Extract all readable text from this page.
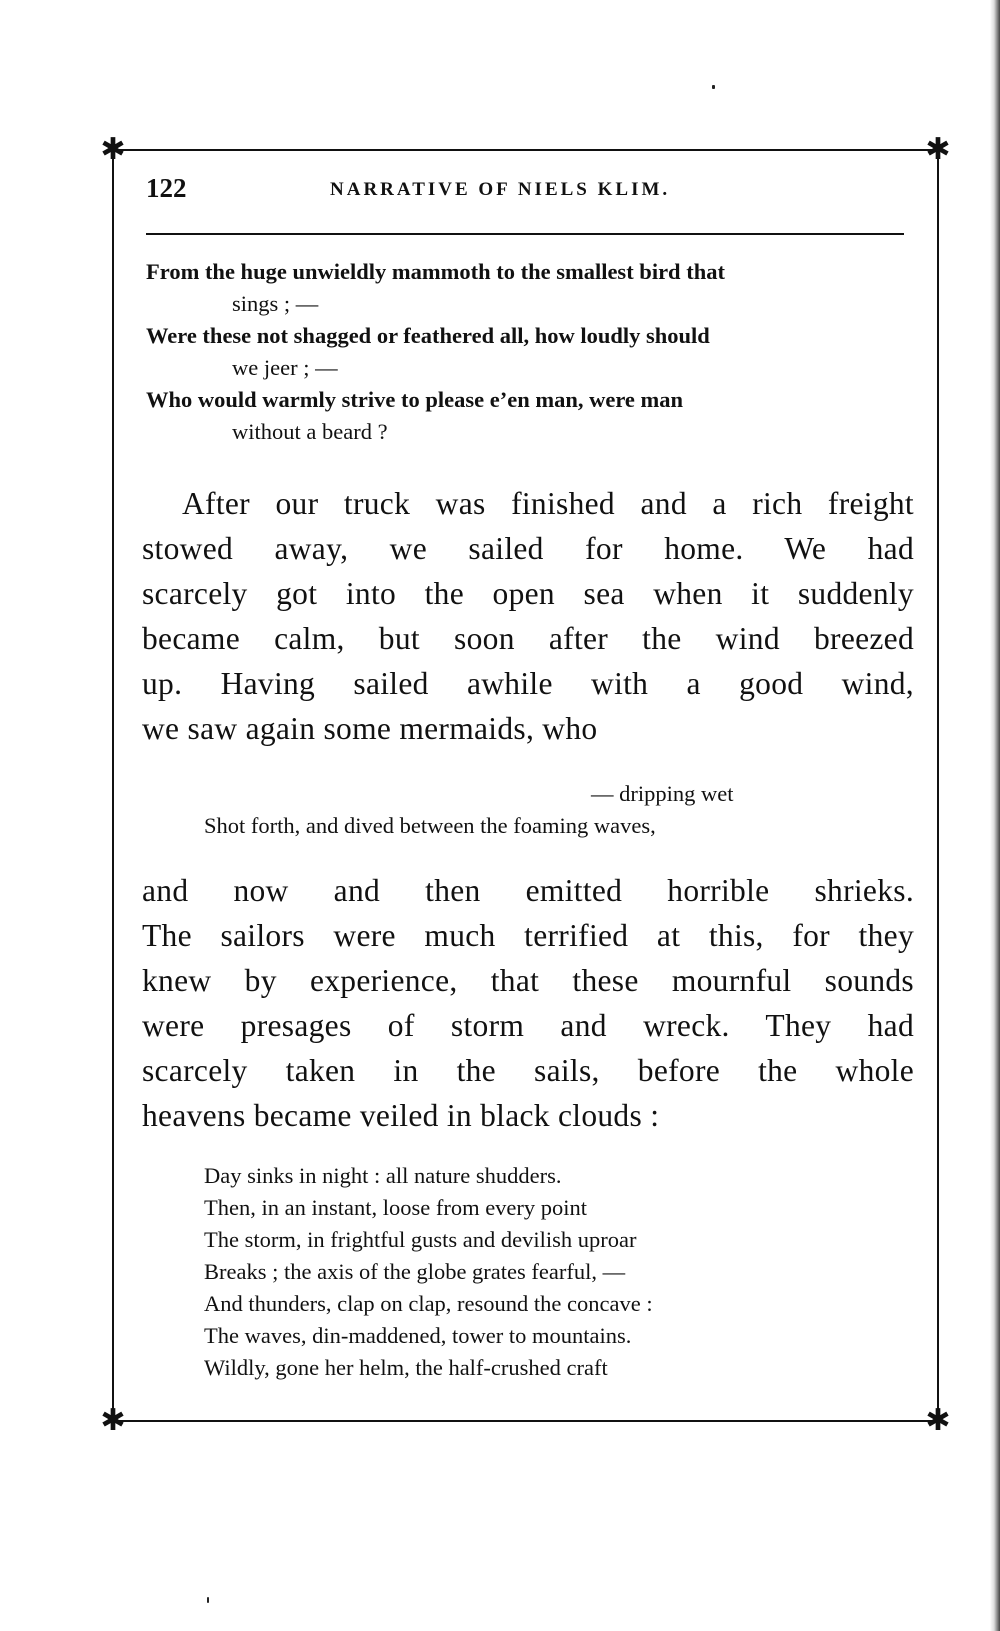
✱	✱
✱	✱
122	NARRATIVE OF NIELS KLIM.
From the huge unwieldly mammoth to the smallest bird that
sings ; —
Were these not shagged or feathered all, how loudly should
we jeer ; —
Who would warmly strive to please e’en man, were man
without a beard ?
After our truck was finished and a rich freight
stowed away, we sailed for home. We had
scarcely got into the open sea when it suddenly
became calm, but soon after the wind breezed
up. Having sailed awhile with a good wind,
we saw again some mermaids, who
— dripping wet
Shot forth, and dived between the foaming waves,
and now and then emitted horrible shrieks.
The sailors were much terrified at this, for they
knew by experience, that these mournful sounds
were presages of storm and wreck. They had
scarcely taken in the sails, before the whole
heavens became veiled in black clouds :
Day sinks in night : all nature shudders.
Then, in an instant, loose from every point
The storm, in frightful gusts and devilish uproar
Breaks ; the axis of the globe grates fearful, —
And thunders, clap on clap, resound the concave :
The waves, din-maddened, tower to mountains.
Wildly, gone her helm, the half-crushed craft
